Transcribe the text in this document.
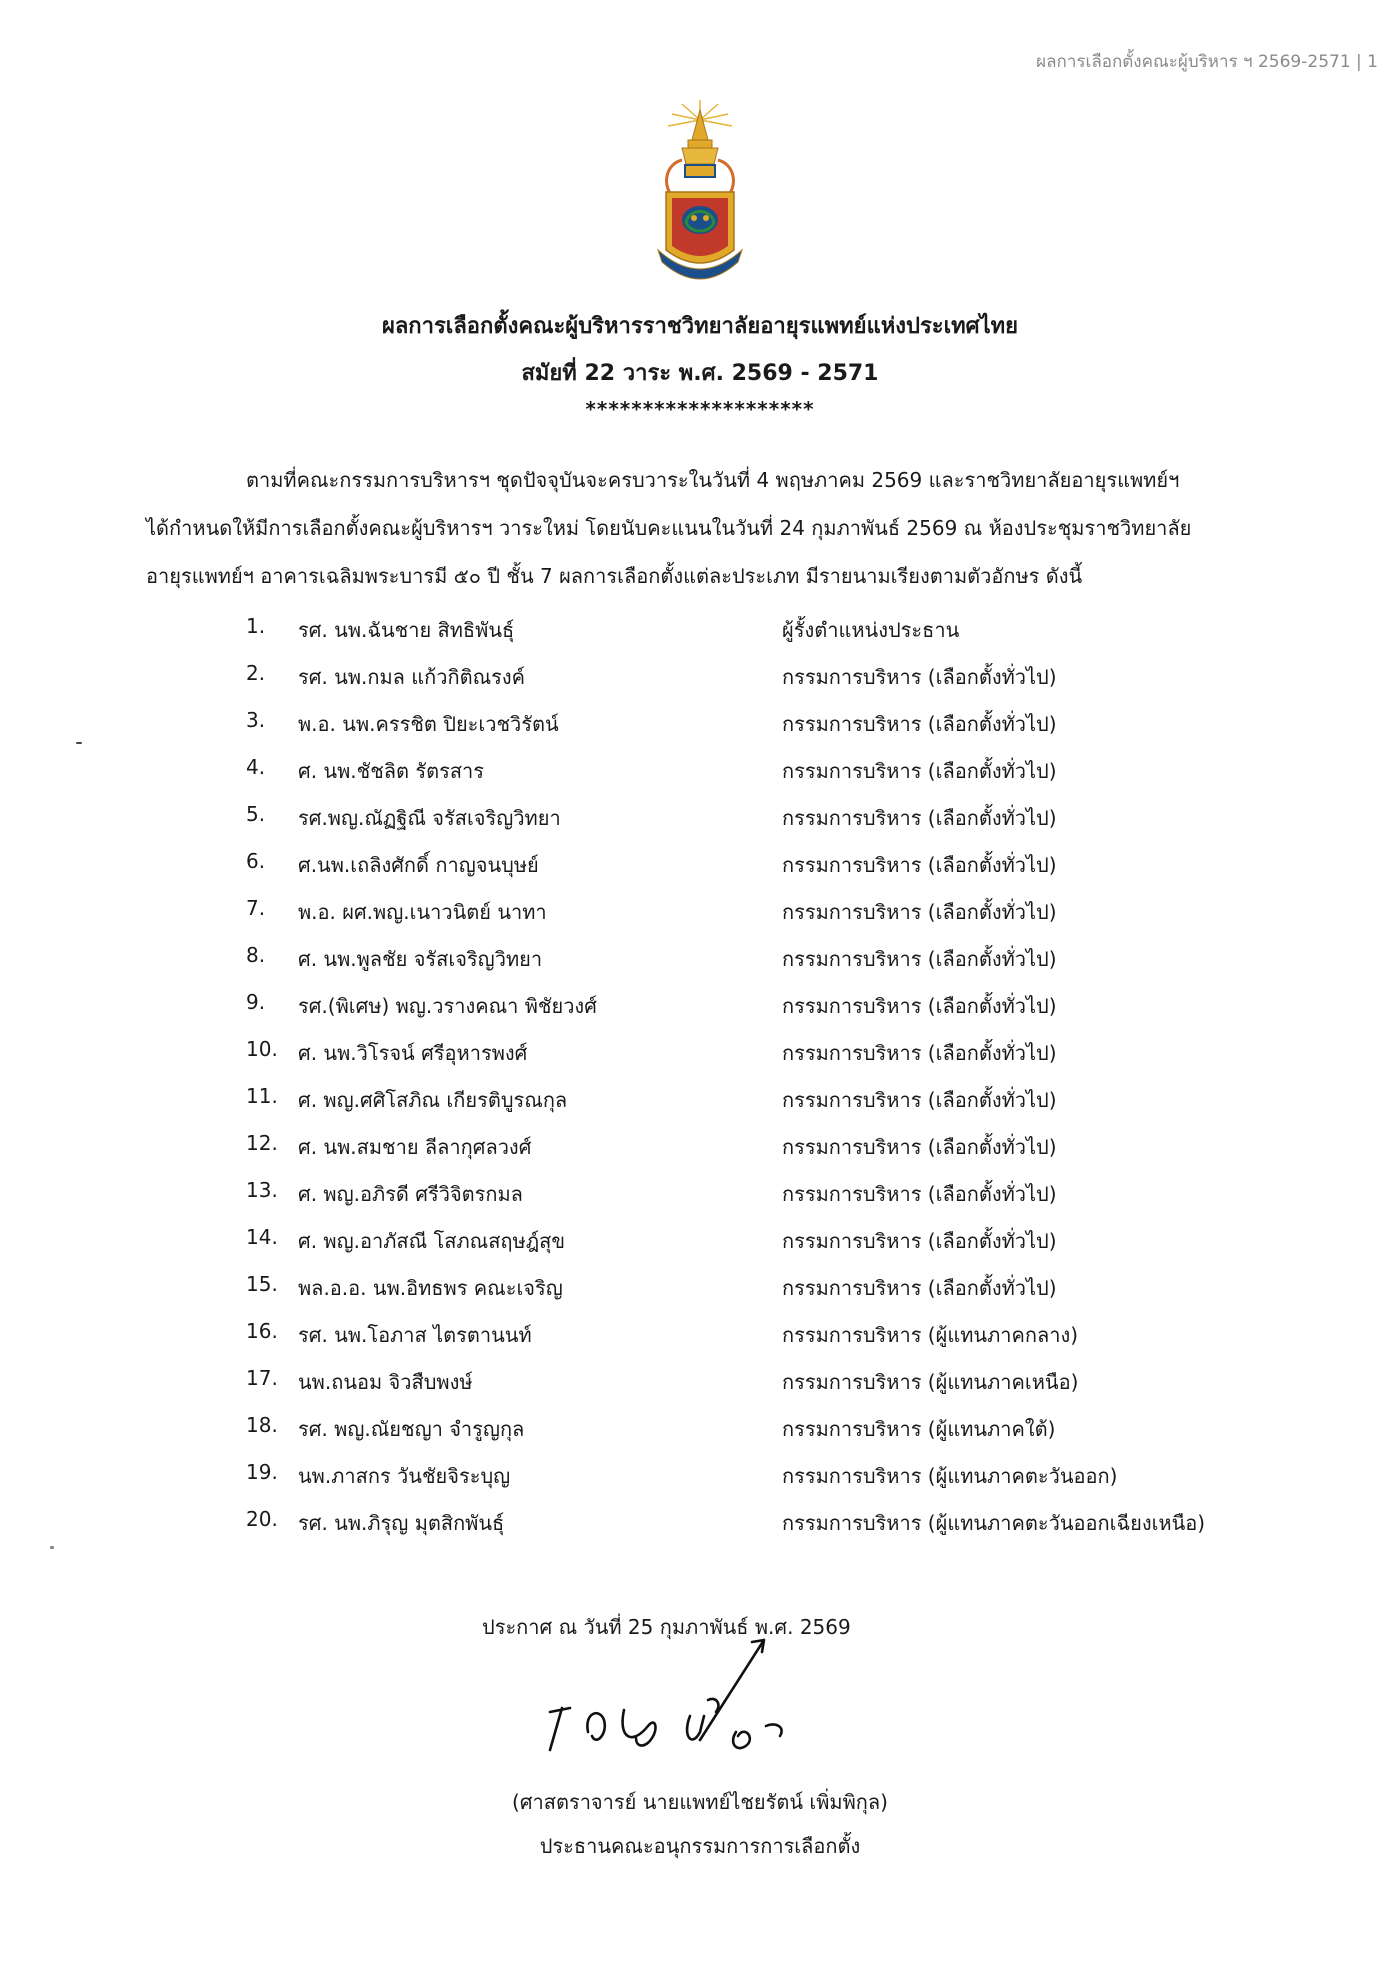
ผลการเลือกตั้งคณะผู้บริหาร ฯ 2569-2571 | 1
ผลการเลือกตั้งคณะผู้บริหารราชวิทยาลัยอายุรแพทย์แห่งประเทศไทย
สมัยที่ 22 วาระ พ.ศ. 2569 - 2571
********************
ตามที่คณะกรรมการบริหารฯ ชุดปัจจุบันจะครบวาระในวันที่ 4 พฤษภาคม 2569 และราชวิทยาลัยอายุรแพทย์ฯ
ได้กำหนดให้มีการเลือกตั้งคณะผู้บริหารฯ วาระใหม่ โดยนับคะแนนในวันที่ 24 กุมภาพันธ์ 2569 ณ ห้องประชุมราชวิทยาลัย
อายุรแพทย์ฯ อาคารเฉลิมพระบารมี ๕๐ ปี ชั้น 7 ผลการเลือกตั้งแต่ละประเภท มีรายนามเรียงตามตัวอักษร ดังนี้
1.	รศ. นพ.ฉันชาย สิทธิพันธุ์	ผู้รั้งตำแหน่งประธาน
2.	รศ. นพ.กมล แก้วกิติณรงค์	กรรมการบริหาร (เลือกตั้งทั่วไป)
3.	พ.อ. นพ.ครรชิต ปิยะเวชวิรัตน์	กรรมการบริหาร (เลือกตั้งทั่วไป)
4.	ศ. นพ.ชัชลิต รัตรสาร	กรรมการบริหาร (เลือกตั้งทั่วไป)
5.	รศ.พญ.ณัฏฐิณี จรัสเจริญวิทยา	กรรมการบริหาร (เลือกตั้งทั่วไป)
6.	ศ.นพ.เถลิงศักดิ์ กาญจนบุษย์	กรรมการบริหาร (เลือกตั้งทั่วไป)
7.	พ.อ. ผศ.พญ.เนาวนิตย์ นาทา	กรรมการบริหาร (เลือกตั้งทั่วไป)
8.	ศ. นพ.พูลชัย จรัสเจริญวิทยา	กรรมการบริหาร (เลือกตั้งทั่วไป)
9.	รศ.(พิเศษ) พญ.วรางคณา พิชัยวงศ์	กรรมการบริหาร (เลือกตั้งทั่วไป)
10.	ศ. นพ.วิโรจน์ ศรีอุหารพงศ์	กรรมการบริหาร (เลือกตั้งทั่วไป)
11.	ศ. พญ.ศศิโสภิณ เกียรติบูรณกุล	กรรมการบริหาร (เลือกตั้งทั่วไป)
12.	ศ. นพ.สมชาย ลีลากุศลวงศ์	กรรมการบริหาร (เลือกตั้งทั่วไป)
13.	ศ. พญ.อภิรดี ศรีวิจิตรกมล	กรรมการบริหาร (เลือกตั้งทั่วไป)
14.	ศ. พญ.อาภัสณี โสภณสฤษฎ์สุข	กรรมการบริหาร (เลือกตั้งทั่วไป)
15.	พล.อ.อ. นพ.อิทธพร คณะเจริญ	กรรมการบริหาร (เลือกตั้งทั่วไป)
16.	รศ. นพ.โอภาส ไตรตานนท์	กรรมการบริหาร (ผู้แทนภาคกลาง)
17.	นพ.ถนอม จิวสืบพงษ์	กรรมการบริหาร (ผู้แทนภาคเหนือ)
18.	รศ. พญ.ณัยชญา จำรูญกุล	กรรมการบริหาร (ผู้แทนภาคใต้)
19.	นพ.ภาสกร วันชัยจิระบุญ	กรรมการบริหาร (ผู้แทนภาคตะวันออก)
20.	รศ. นพ.ภิรุญ มุตสิกพันธุ์	กรรมการบริหาร (ผู้แทนภาคตะวันออกเฉียงเหนือ)
ประกาศ ณ วันที่ 25 กุมภาพันธ์ พ.ศ. 2569
(ศาสตราจารย์ นายแพทย์ไชยรัตน์ เพิ่มพิกุล)
ประธานคณะอนุกรรมการการเลือกตั้ง
